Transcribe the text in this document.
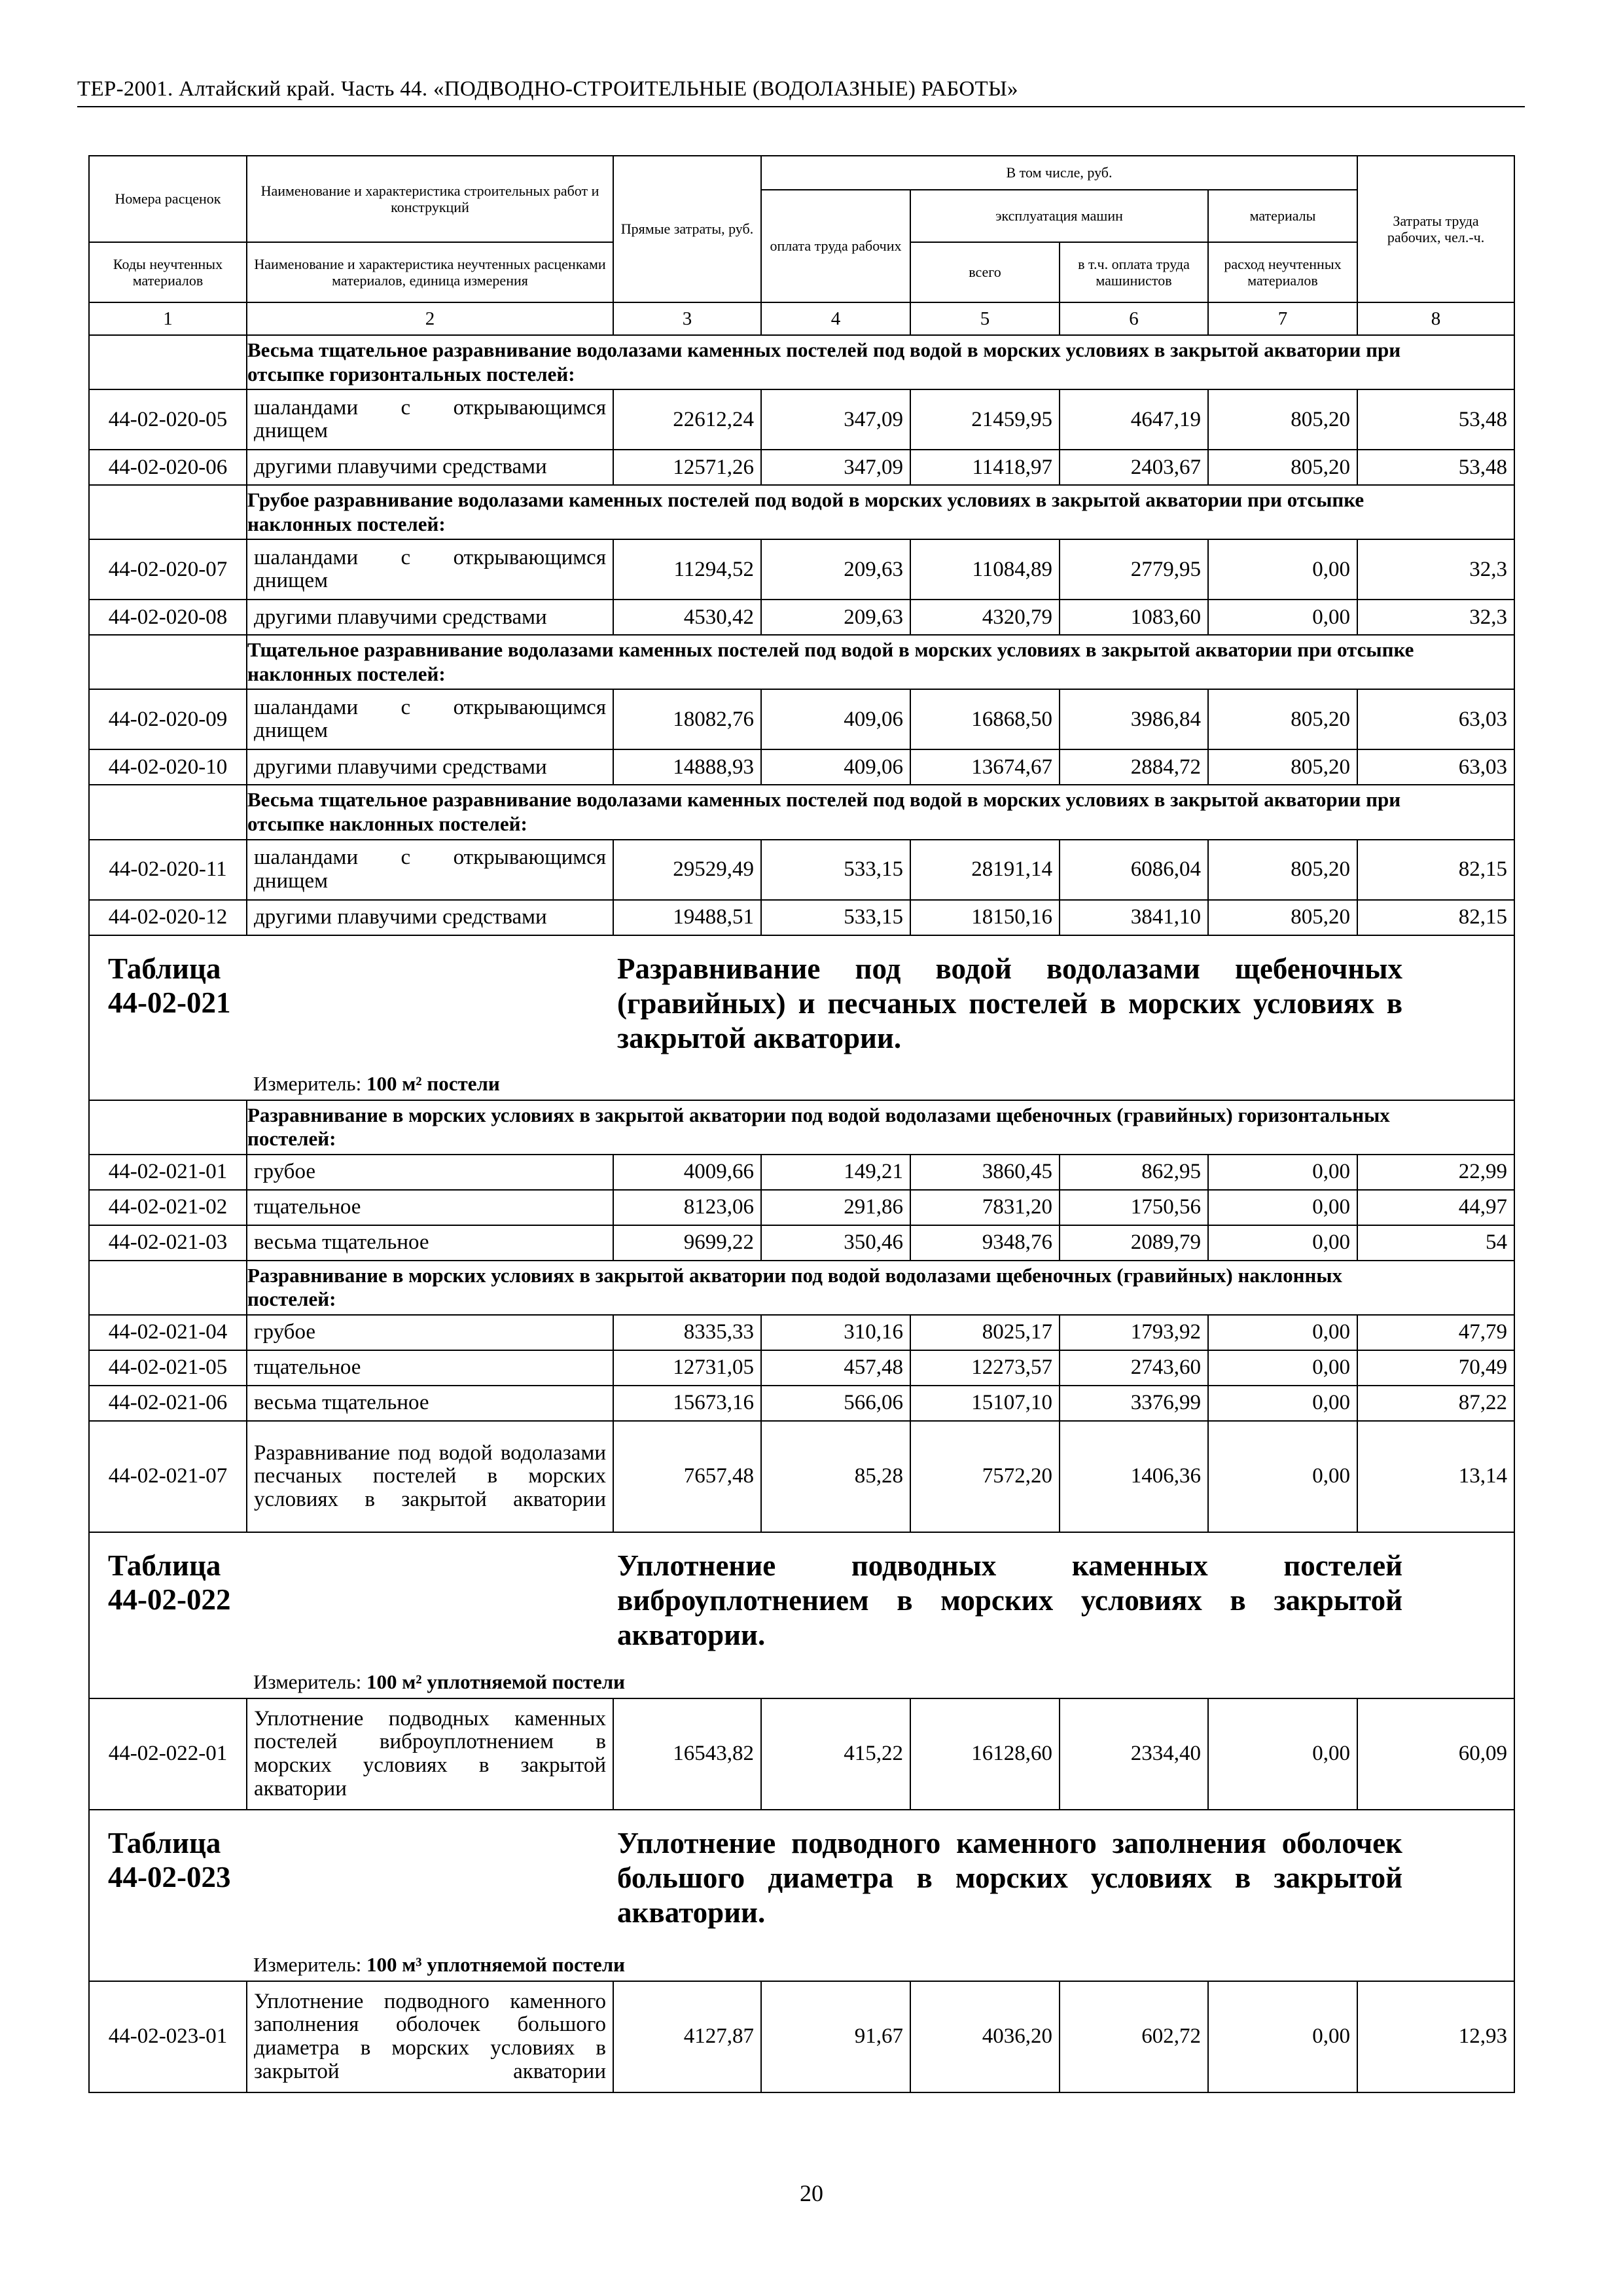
ТЕР-2001. Алтайский край. Часть 44. «ПОДВОДНО-СТРОИТЕЛЬНЫЕ (ВОДОЛАЗНЫЕ) РАБОТЫ»
Номера расценок	Наименование и характеристика строительных работ и конструкций	Прямые затраты, руб.	В том числе, руб.				Затраты труда рабочих, чел.-ч.
			оплата труда рабочих	эксплуатация машин		материалы	
Коды неучтенных материалов	Наименование и характеристика неучтенных расценками материалов, единица измерения			всего	в т.ч. оплата труда машинистов	расход неучтенных материалов	

1	2	3	4	5	6	7	8
	Весьма тщательное разравнивание водолазами каменных постелей под водой в морских условиях в закрытой акватории при отсыпке горизонтальных постелей:						
44-02-020-05	шаландами с открывающимся днищем	22612,24	347,09	21459,95	4647,19	805,20	53,48
44-02-020-06	другими плавучими средствами	12571,26	347,09	11418,97	2403,67	805,20	53,48
	Грубое разравнивание водолазами каменных постелей под водой в морских условиях в закрытой акватории при отсыпке наклонных постелей:						
44-02-020-07	шаландами с открывающимся днищем	11294,52	209,63	11084,89	2779,95	0,00	32,3
44-02-020-08	другими плавучими средствами	4530,42	209,63	4320,79	1083,60	0,00	32,3
	Тщательное разравнивание водолазами каменных постелей под водой в морских условиях в закрытой акватории при отсыпке наклонных постелей:						
44-02-020-09	шаландами с открывающимся днищем	18082,76	409,06	16868,50	3986,84	805,20	63,03
44-02-020-10	другими плавучими средствами	14888,93	409,06	13674,67	2884,72	805,20	63,03
	Весьма тщательное разравнивание водолазами каменных постелей под водой в морских условиях в закрытой акватории при отсыпке наклонных постелей:						
44-02-020-11	шаландами с открывающимся днищем	29529,49	533,15	28191,14	6086,04	805,20	82,15
44-02-020-12	другими плавучими средствами	19488,51	533,15	18150,16	3841,10	805,20	82,15
Таблица 44-02-021	Разравнивание под водой водолазами щебеночных (гравийных) и песчаных постелей в морских условиях в закрытой акватории.
Измеритель: 100 м² постели						

	Разравнивание в морских условиях в закрытой акватории под водой водолазами щебеночных (гравийных) горизонтальных постелей:						
44-02-021-01	грубое	4009,66	149,21	3860,45	862,95	0,00	22,99
44-02-021-02	тщательное	8123,06	291,86	7831,20	1750,56	0,00	44,97
44-02-021-03	весьма тщательное	9699,22	350,46	9348,76	2089,79	0,00	54
	Разравнивание в морских условиях в закрытой акватории под водой водолазами щебеночных (гравийных) наклонных постелей:						
44-02-021-04	грубое	8335,33	310,16	8025,17	1793,92	0,00	47,79
44-02-021-05	тщательное	12731,05	457,48	12273,57	2743,60	0,00	70,49
44-02-021-06	весьма тщательное	15673,16	566,06	15107,10	3376,99	0,00	87,22
44-02-021-07	Разравнивание под водой водолазами песчаных постелей в морских условиях в закрытой акватории	7657,48	85,28	7572,20	1406,36	0,00	13,14
Таблица 44-02-022	Уплотнение подводных каменных постелей виброуплотнением в морских условиях в закрытой акватории.
Измеритель: 100 м² уплотняемой постели						

44-02-022-01	Уплотнение подводных каменных постелей виброуплотнением в морских условиях в закрытой акватории	16543,82	415,22	16128,60	2334,40	0,00	60,09
Таблица 44-02-023	Уплотнение подводного каменного заполнения оболочек большого диаметра в морских условиях в закрытой акватории.
Измеритель: 100 м³ уплотняемой постели						

44-02-023-01	Уплотнение подводного каменного заполнения оболочек большого диаметра в морских условиях в закрытой акватории	4127,87	91,67	4036,20	602,72	0,00	12,93
20
